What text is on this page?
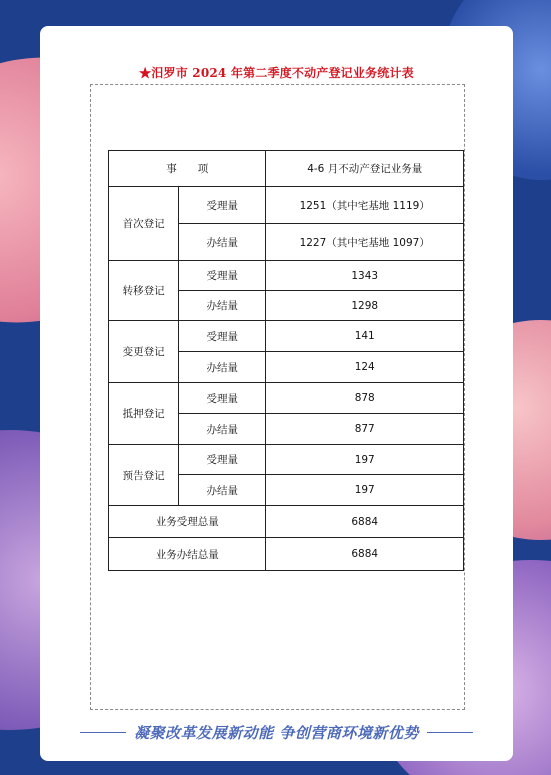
★汨罗市 2024 年第二季度不动产登记业务统计表
事　　项		4-6 月不动产登记业务量
首次登记	受理量	1251（其中宅基地 1119）
	办结量	1227（其中宅基地 1097）
转移登记	受理量	1343
	办结量	1298
变更登记	受理量	141
	办结量	124
抵押登记	受理量	878
	办结量	877
预告登记	受理量	197
	办结量	197
业务受理总量		6884
业务办结总量		6884
凝聚改革发展新动能 争创营商环境新优势
